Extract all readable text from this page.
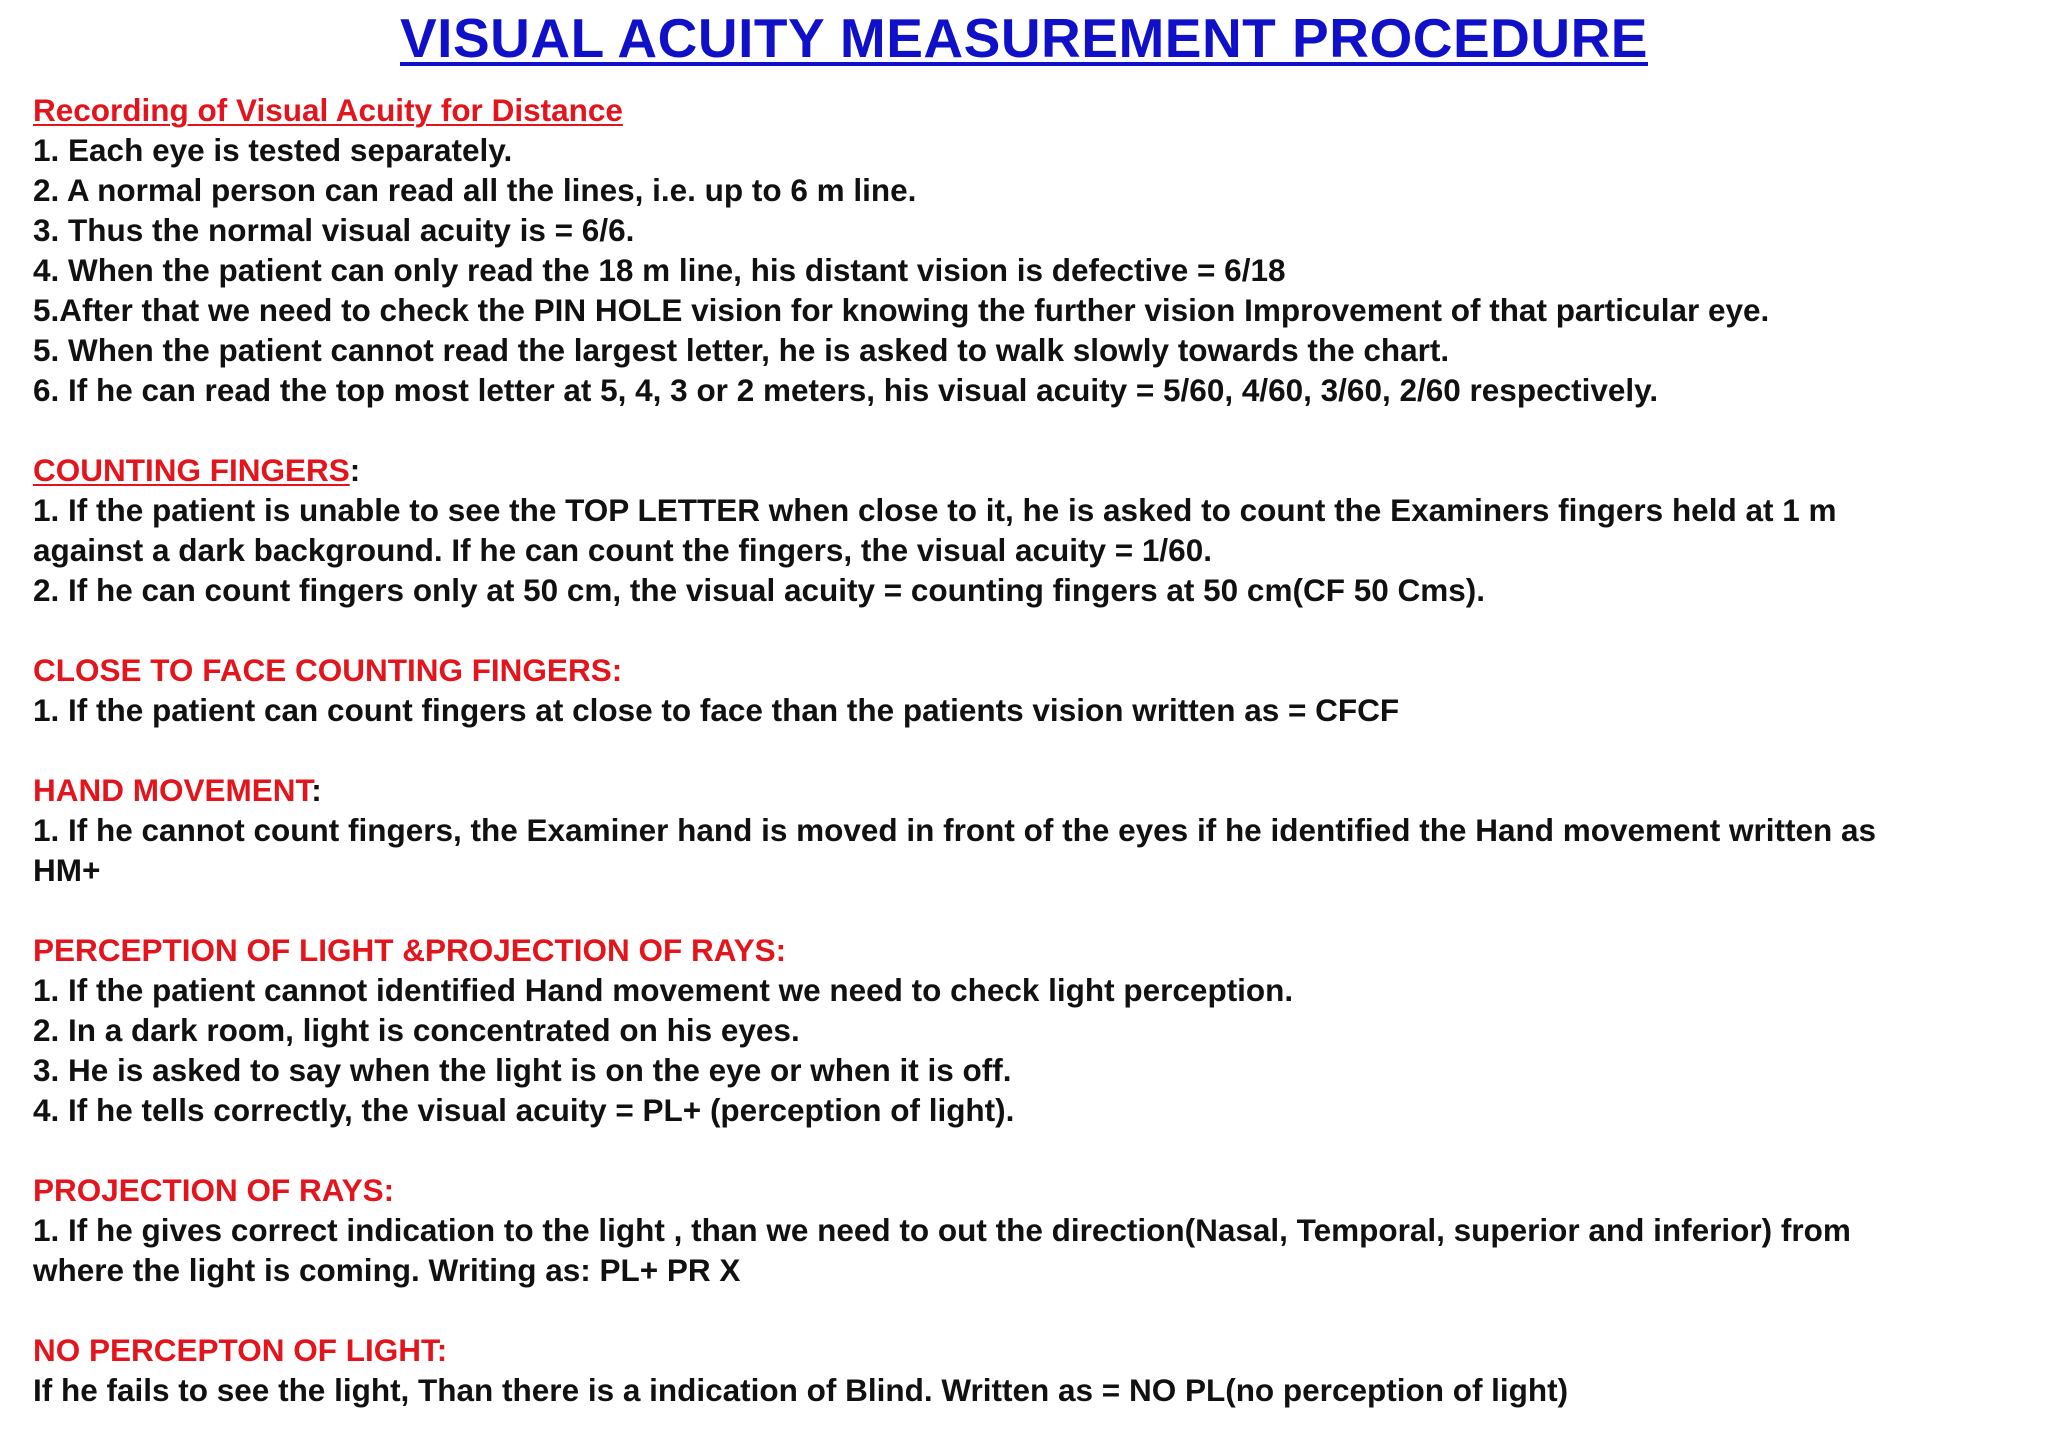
VISUAL ACUITY MEASUREMENT PROCEDURE
Recording of Visual Acuity for Distance
1. Each eye is tested separately.
2. A normal person can read all the lines, i.e. up to 6 m line.
3. Thus the normal visual acuity is = 6/6.
4. When the patient can only read the 18 m line, his distant vision is defective = 6/18
5.After that we need to check the PIN HOLE vision for knowing the further vision Improvement of that particular eye.
5. When the patient cannot read the largest letter, he is asked to walk slowly towards the chart.
6. If he can read the top most letter at 5, 4, 3 or 2 meters, his visual acuity = 5/60, 4/60, 3/60, 2/60 respectively.
COUNTING FINGERS:
1. If the patient is unable to see the TOP LETTER when close to it, he is asked to count the Examiners fingers held at 1 m
against a dark background. If he can count the fingers, the visual acuity = 1/60.
2. If he can count fingers only at 50 cm, the visual acuity = counting fingers at 50 cm(CF 50 Cms).
CLOSE TO FACE COUNTING FINGERS:
1. If the patient can count fingers at close to face than the patients vision written as = CFCF
HAND MOVEMENT:
1. If he cannot count fingers, the Examiner hand is moved in front of the eyes if he identified the Hand movement written as
HM+
PERCEPTION OF LIGHT &PROJECTION OF RAYS:
1. If the patient cannot identified Hand movement we need to check light perception.
2. In a dark room, light is concentrated on his eyes.
3. He is asked to say when the light is on the eye or when it is off.
4. If he tells correctly, the visual acuity = PL+ (perception of light).
PROJECTION OF RAYS:
1. If he gives correct indication to the light , than we need to out the direction(Nasal, Temporal, superior and inferior) from
where the light is coming. Writing as: PL+ PR X
NO PERCEPTON OF LIGHT:
If he fails to see the light, Than there is a indication of Blind. Written as = NO PL(no perception of light)
